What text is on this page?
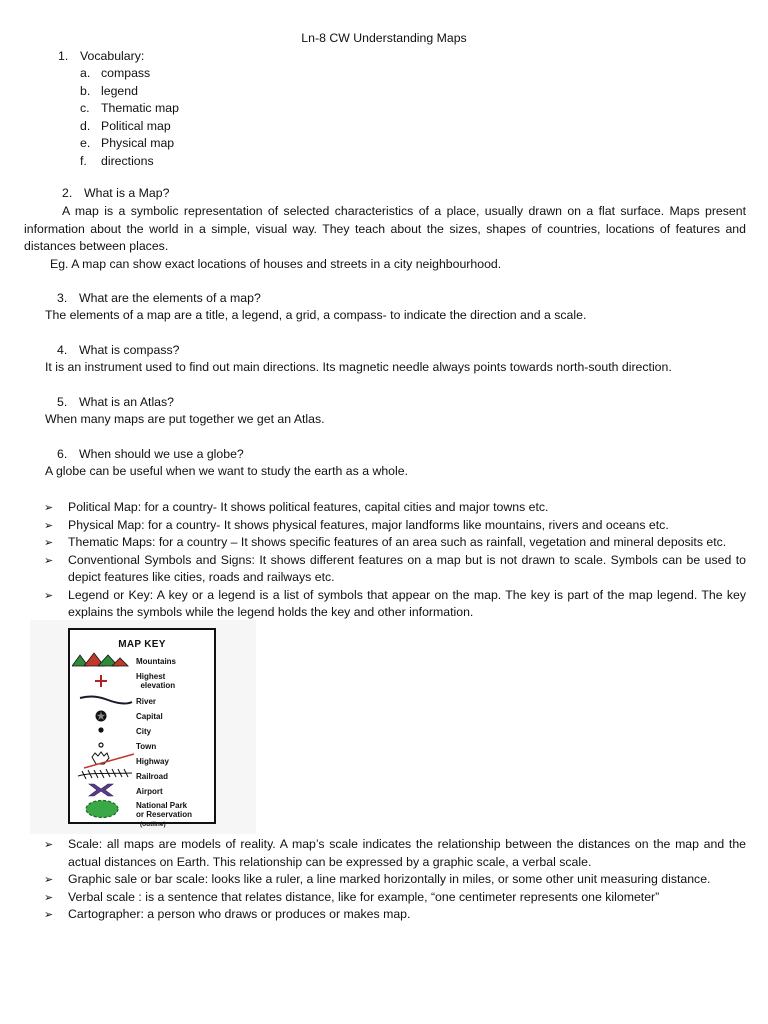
Ln-8 CW Understanding Maps
1. Vocabulary:
a. compass
b. legend
c. Thematic map
d. Political map
e. Physical map
f. directions
2. What is a Map?
A map is a symbolic representation of selected characteristics of a place, usually drawn on a flat surface. Maps present information about the world in a simple, visual way. They teach about the sizes, shapes of countries, locations of features and distances between places.
Eg. A map can show exact locations of houses and streets in a city neighbourhood.
3. What are the elements of a map?
The elements of a map are a title, a legend, a grid, a compass- to indicate the direction and a scale.
4. What is compass?
It is an instrument used to find out main directions. Its magnetic needle always points towards north-south direction.
5. What is an Atlas?
When many maps are put together we get an Atlas.
6. When should we use a globe?
A globe can be useful when we want to study the earth as a whole.
➢ Political Map: for a country- It shows political features, capital cities and major towns etc.
➢ Physical Map: for a country- It shows physical features, major landforms like mountains, rivers and oceans etc.
➢ Thematic Maps: for a country – It shows specific features of an area such as rainfall, vegetation and mineral deposits etc.
➢ Conventional Symbols and Signs: It shows different features on a map but is not drawn to scale. Symbols can be used to depict features like cities, roads and railways etc.
➢ Legend or Key: A key or a legend is a list of symbols that appear on the map. The key is part of the map legend. The key explains the symbols while the legend holds the key and other information.
MAP KEY
Mountains
Highest
elevation
River
Capital
City
Town
Highway
Railroad
Airport
National Park
or Reservation
(outline)
➢ Scale: all maps are models of reality. A map’s scale indicates the relationship between the distances on the map and the actual distances on Earth. This relationship can be expressed by a graphic scale, a verbal scale.
➢ Graphic sale or bar scale: looks like a ruler, a line marked horizontally in miles, or some other unit measuring distance.
➢ Verbal scale : is a sentence that relates distance, like for example, “one centimeter represents one kilometer”
➢ Cartographer: a person who draws or produces or makes map.
